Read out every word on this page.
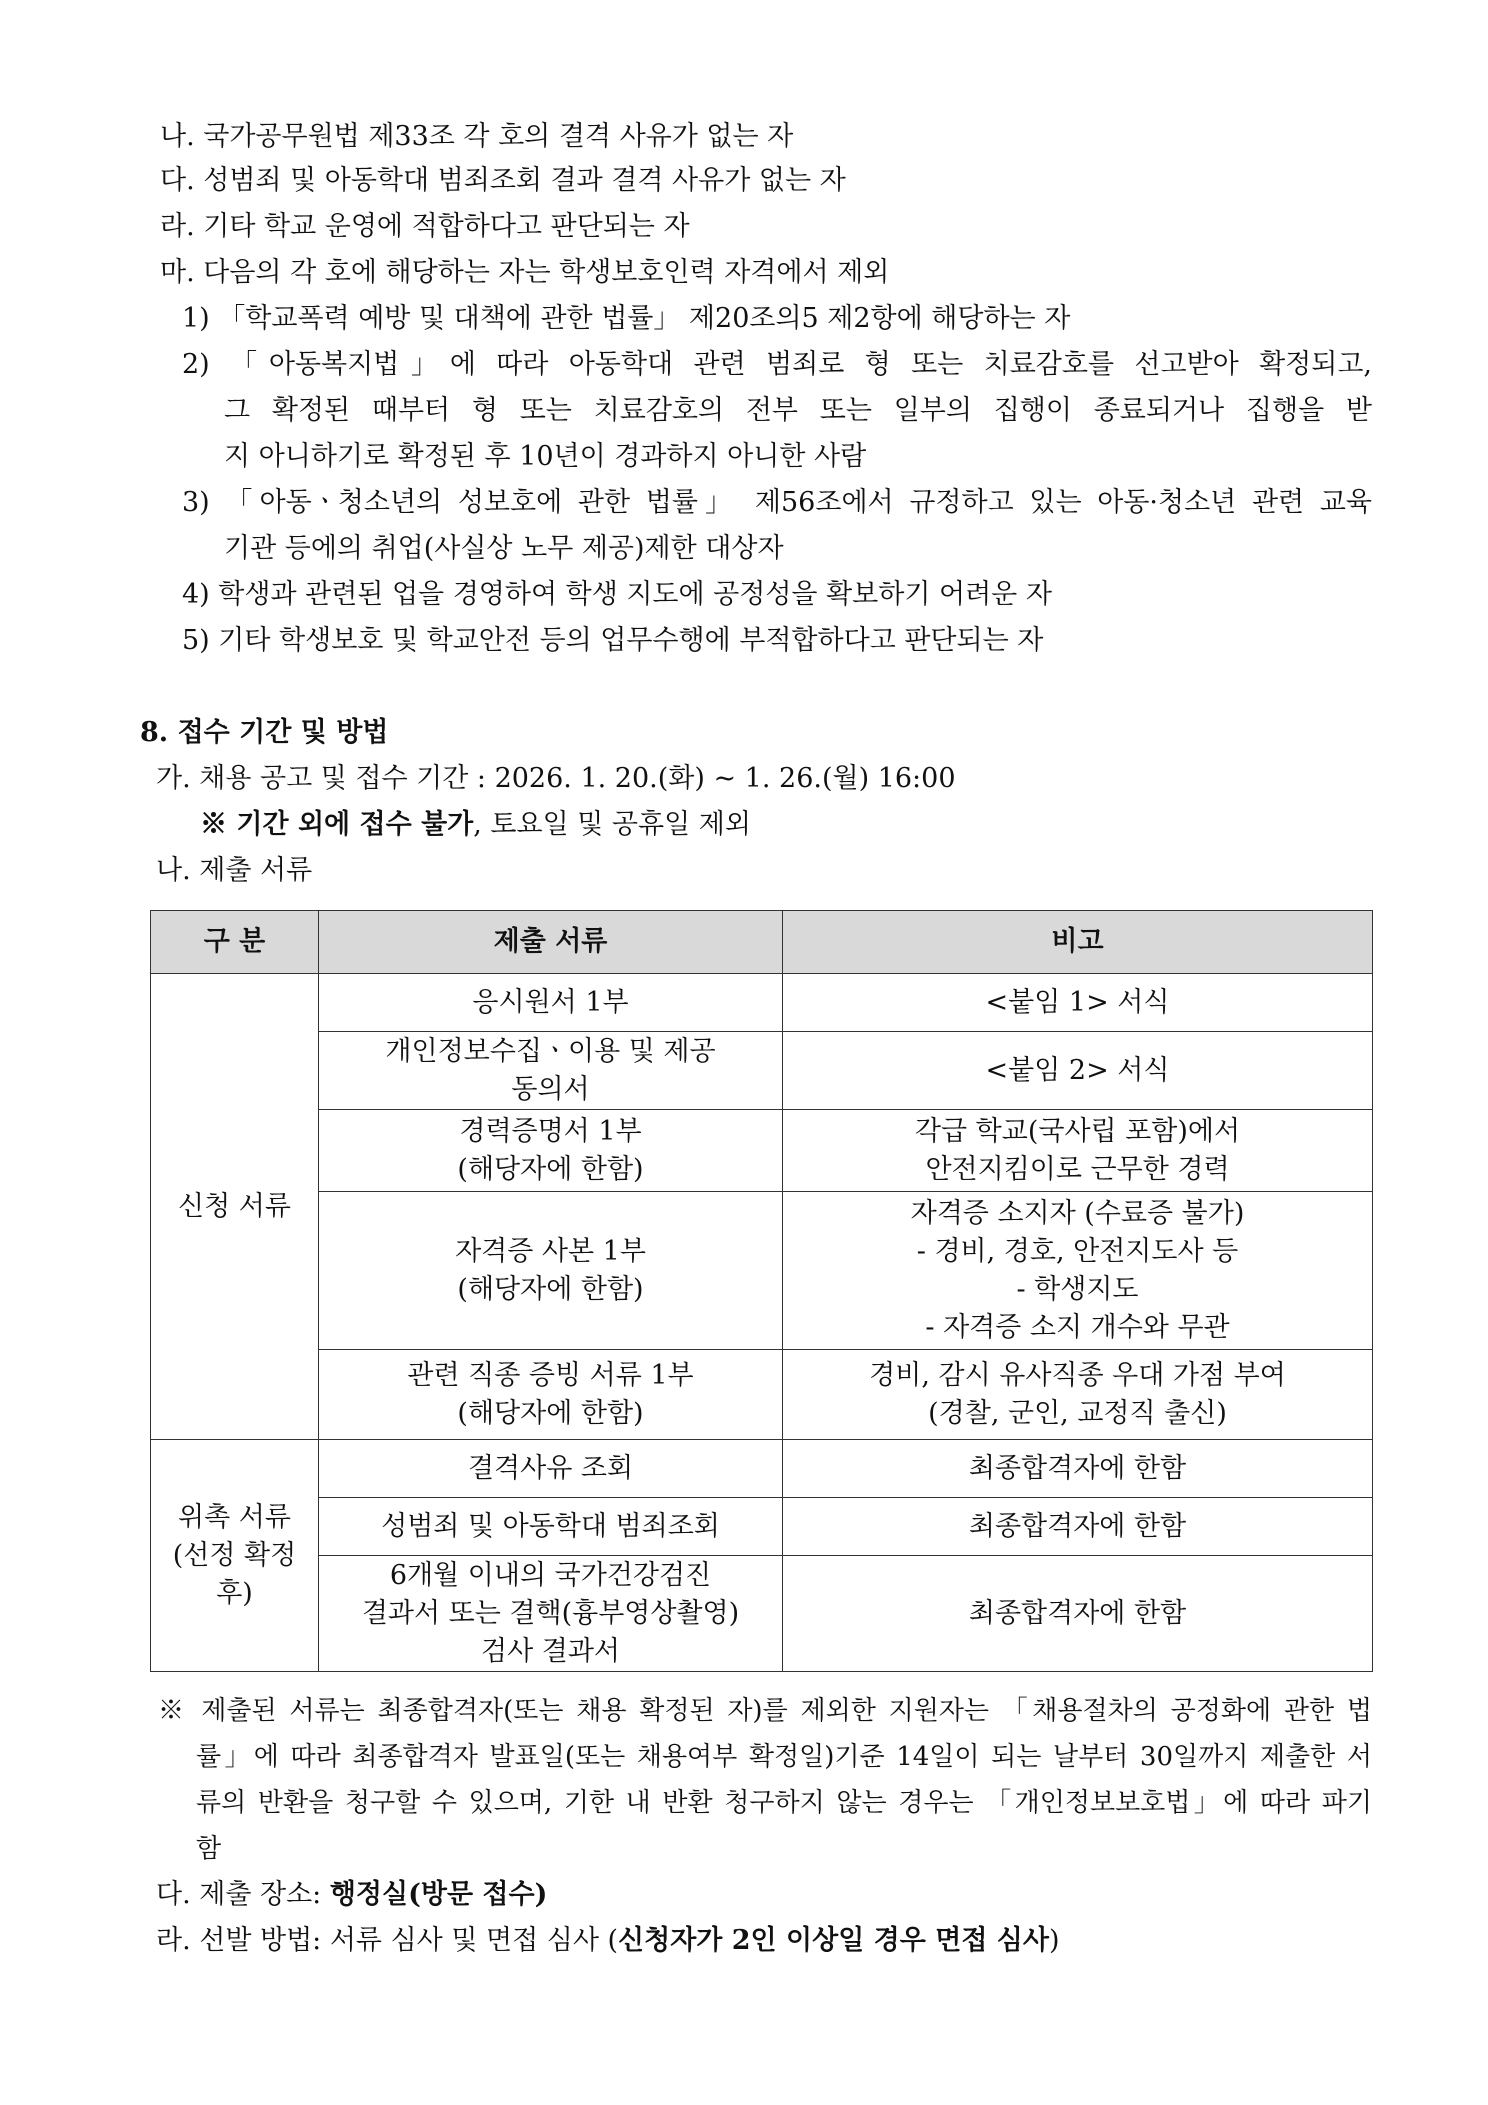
나. 국가공무원법 제33조 각 호의 결격 사유가 없는 자
다. 성범죄 및 아동학대 범죄조회 결과 결격 사유가 없는 자
라. 기타 학교 운영에 적합하다고 판단되는 자
마. 다음의 각 호에 해당하는 자는 학생보호인력 자격에서 제외
1) 「학교폭력 예방 및 대책에 관한 법률」 제20조의5 제2항에 해당하는 자
2) 「아동복지법」에 따라 아동학대 관련 범죄로 형 또는 치료감호를 선고받아 확정되고,
그 확정된 때부터 형 또는 치료감호의 전부 또는 일부의 집행이 종료되거나 집행을 받
지 아니하기로 확정된 후 10년이 경과하지 아니한 사람
3) 「아동ㆍ청소년의 성보호에 관한 법률」 제56조에서 규정하고 있는 아동·청소년 관련 교육
기관 등에의 취업(사실상 노무 제공)제한 대상자
4) 학생과 관련된 업을 경영하여 학생 지도에 공정성을 확보하기 어려운 자
5) 기타 학생보호 및 학교안전 등의 업무수행에 부적합하다고 판단되는 자
8. 접수 기간 및 방법
가. 채용 공고 및 접수 기간 : 2026. 1. 20.(화) ~ 1. 26.(월) 16:00
※ 기간 외에 접수 불가, 토요일 및 공휴일 제외
나. 제출 서류
구 분	제출 서류	비고
신청 서류	응시원서 1부	<붙임 1> 서식

	개인정보수집ㆍ이용 및 제공
동의서	<붙임 2> 서식

	경력증명서 1부
(해당자에 한함)	각급 학교(국사립 포함)에서
안전지킴이로 근무한 경력

	자격증 사본 1부
(해당자에 한함)	자격증 소지자 (수료증 불가)
- 경비, 경호, 안전지도사 등
- 학생지도
- 자격증 소지 개수와 무관

	관련 직종 증빙 서류 1부
(해당자에 한함)	경비, 감시 유사직종 우대 가점 부여
(경찰, 군인, 교정직 출신)

위촉 서류
(선정 확정
후)	결격사유 조회	최종합격자에 한함

	성범죄 및 아동학대 범죄조회	최종합격자에 한함

	6개월 이내의 국가건강검진
결과서 또는 결핵(흉부영상촬영)
검사 결과서	최종합격자에 한함
※ 제출된 서류는 최종합격자(또는 채용 확정된 자)를 제외한 지원자는 「채용절차의 공정화에 관한 법
률」에 따라 최종합격자 발표일(또는 채용여부 확정일)기준 14일이 되는 날부터 30일까지 제출한 서
류의 반환을 청구할 수 있으며, 기한 내 반환 청구하지 않는 경우는 「개인정보보호법」에 따라 파기
함
다. 제출 장소: 행정실(방문 접수)
라. 선발 방법: 서류 심사 및 면접 심사 (신청자가 2인 이상일 경우 면접 심사)
